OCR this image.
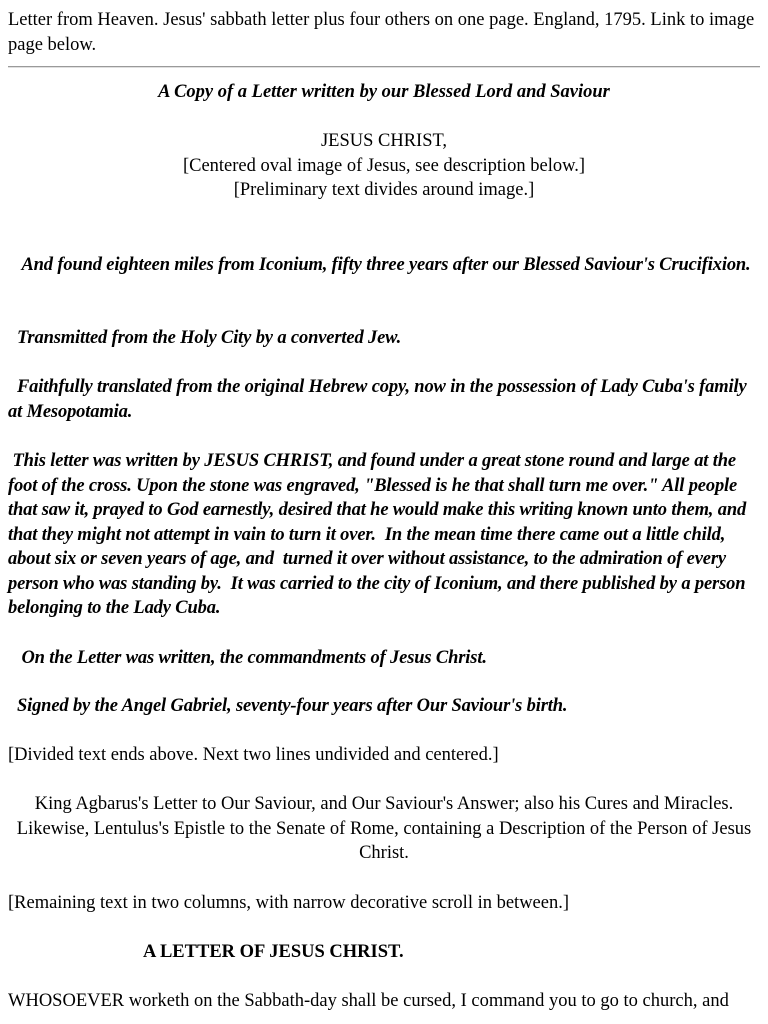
Letter from Heaven. Jesus' sabbath letter plus four others on one page. England, 1795. Link to image page below.

A Copy of a Letter written by our Blessed Lord and Saviour

JESUS CHRIST,

[Centered oval image of Jesus, see description below.]

[Preliminary text divides around image.]

And found eighteen miles from Iconium, fifty three years after our Blessed Saviour's Crucifixion.

Transmitted from the Holy City by a converted Jew.

Faithfully translated from the original Hebrew copy, now in the possession of Lady Cuba's family at Mesopotamia.

This letter was written by JESUS CHRIST, and found under a great stone round and large at the foot of the cross. Upon the stone was engraved, "Blessed is he that shall turn me over." All people that saw it, prayed to God earnestly, desired that he would make this writing known unto them, and that they might not attempt in vain to turn it over.  In the mean time there came out a little child, about six or seven years of age, and  turned it over without assistance, to the admiration of every person who was standing by.  It was carried to the city of Iconium, and there published by a person belonging to the Lady Cuba.

On the Letter was written, the commandments of Jesus Christ.

Signed by the Angel Gabriel, seventy-four years after Our Saviour's birth.

[Divided text ends above. Next two lines undivided and centered.]

King Agbarus's Letter to Our Saviour, and Our Saviour's Answer; also his Cures and Miracles. Likewise, Lentulus's Epistle to the Senate of Rome, containing a Description of the Person of Jesus Christ.

[Remaining text in two columns, with narrow decorative scroll in between.]

A LETTER OF JESUS CHRIST.

WHOSOEVER worketh on the Sabbath-day shall be cursed, I command you to go to church, and
